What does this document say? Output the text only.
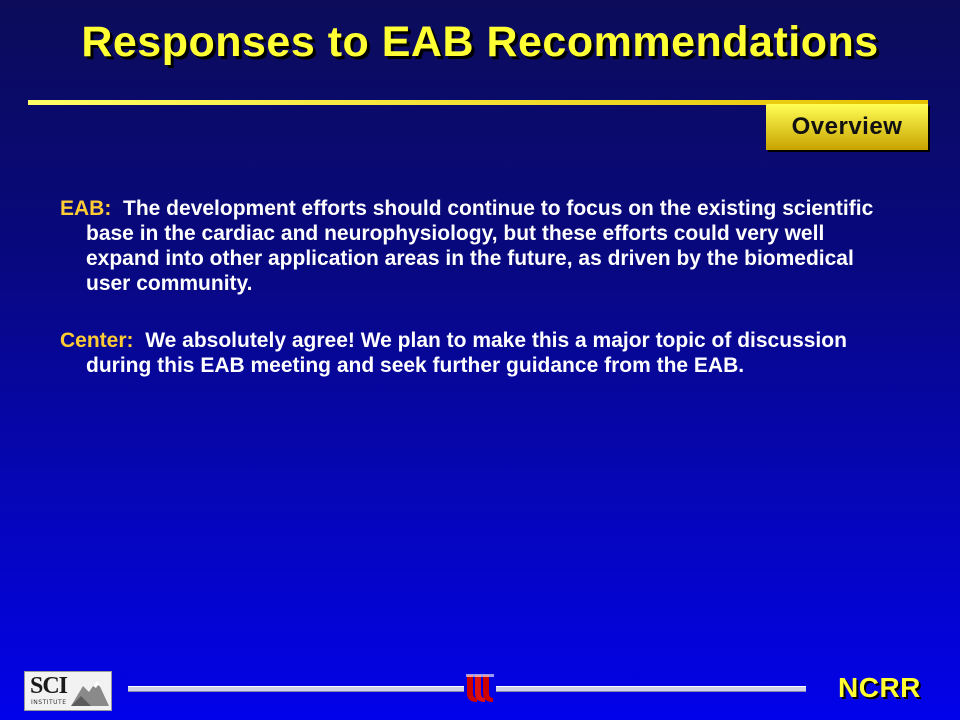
Responses to EAB Recommendations
Overview

EAB: The development efforts should continue to focus on the existing scientific base in the cardiac and neurophysiology, but these efforts could very well expand into other application areas in the future, as driven by the biomedical user community.

Center: We absolutely agree! We plan to make this a major topic of discussion during this EAB meeting and seek further guidance from the EAB.

SCI
INSTITUTE	NCRR
